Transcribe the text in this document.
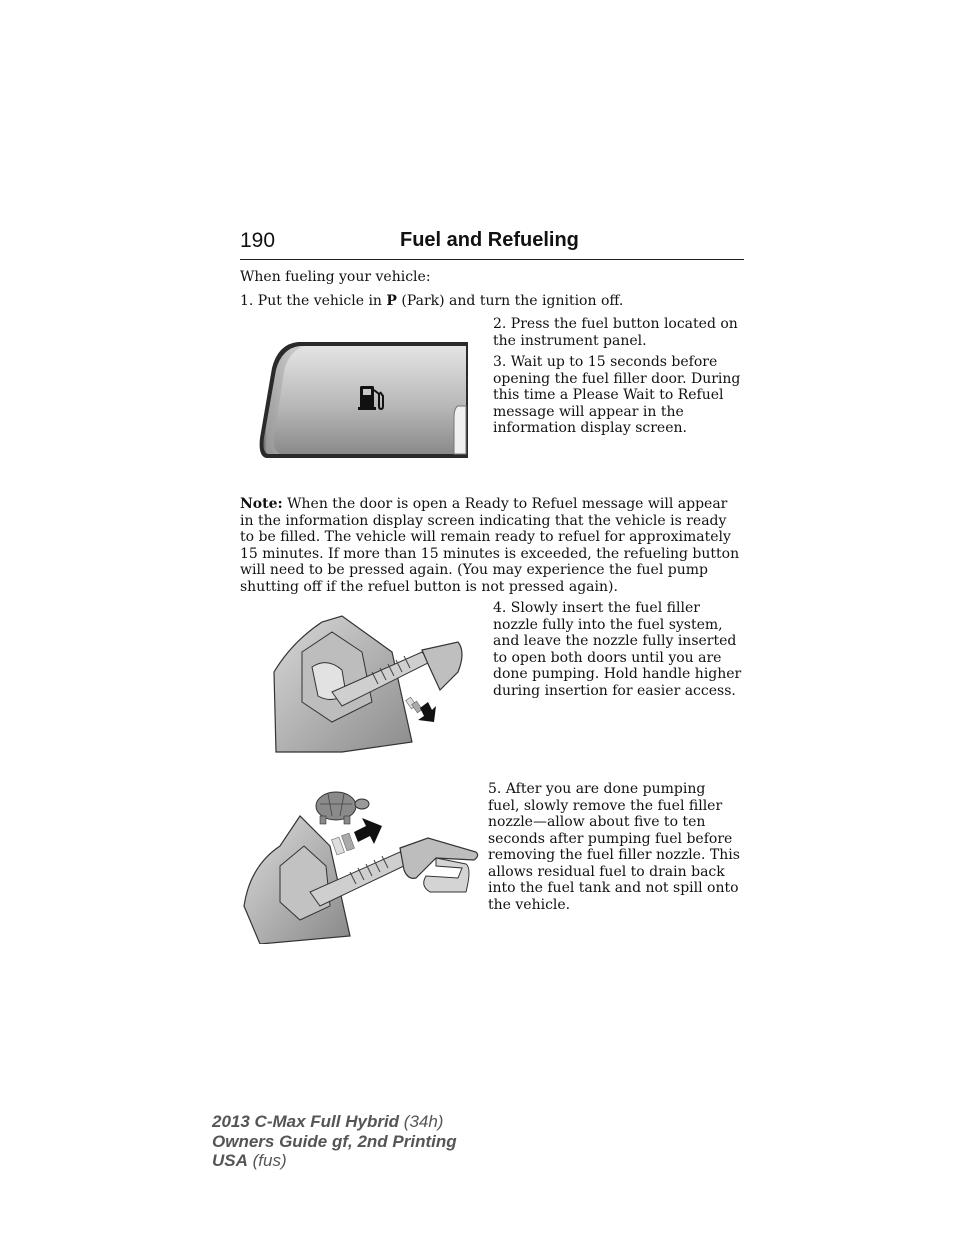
190	Fuel and Refueling
When fueling your vehicle:
1. Put the vehicle in P (Park) and turn the ignition off.
2. Press the fuel button located on the instrument panel.
3. Wait up to 15 seconds before opening the fuel filler door. During this time a Please Wait to Refuel message will appear in the information display screen.
Note: When the door is open a Ready to Refuel message will appear in the information display screen indicating that the vehicle is ready to be filled. The vehicle will remain ready to refuel for approximately 15 minutes. If more than 15 minutes is exceeded, the refueling button will need to be pressed again. (You may experience the fuel pump shutting off if the refuel button is not pressed again).
4. Slowly insert the fuel filler nozzle fully into the fuel system, and leave the nozzle fully inserted to open both doors until you are done pumping. Hold handle higher during insertion for easier access.
5. After you are done pumping fuel, slowly remove the fuel filler nozzle—allow about five to ten seconds after pumping fuel before removing the fuel filler nozzle. This allows residual fuel to drain back into the fuel tank and not spill onto the vehicle.
2013 C-Max Full Hybrid (34h)
Owners Guide gf, 2nd Printing
USA (fus)
